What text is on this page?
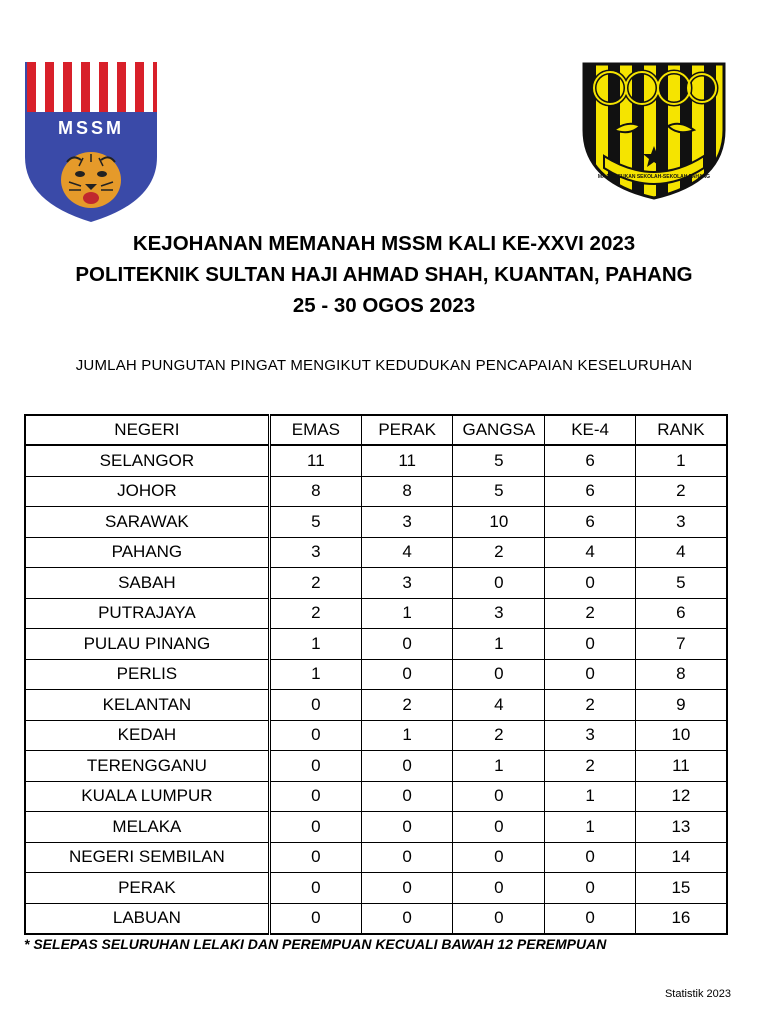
MSSM
MAJLIS SUKAN SEKOLAH-SEKOLAH PAHANG

KEJOHANAN MEMANAH MSSM KALI KE-XXVI 2023

POLITEKNIK SULTAN HAJI AHMAD SHAH, KUANTAN, PAHANG

25 - 30 OGOS 2023

JUMLAH PUNGUTAN PINGAT MENGIKUT KEDUDUKAN PENCAPAIAN KESELURUHAN
NEGERI	EMAS	PERAK	GANGSA	KE-4	RANK
SELANGOR	11	11	5	6	1
JOHOR	8	8	5	6	2
SARAWAK	5	3	10	6	3
PAHANG	3	4	2	4	4
SABAH	2	3	0	0	5
PUTRAJAYA	2	1	3	2	6
PULAU PINANG	1	0	1	0	7
PERLIS	1	0	0	0	8
KELANTAN	0	2	4	2	9
KEDAH	0	1	2	3	10
TERENGGANU	0	0	1	2	11
KUALA LUMPUR	0	0	0	1	12
MELAKA	0	0	0	1	13
NEGERI SEMBILAN	0	0	0	0	14
PERAK	0	0	0	0	15
LABUAN	0	0	0	0	16
* SELEPAS SELURUHAN LELAKI DAN PEREMPUAN KECUALI BAWAH 12 PEREMPUAN
Statistik 2023
